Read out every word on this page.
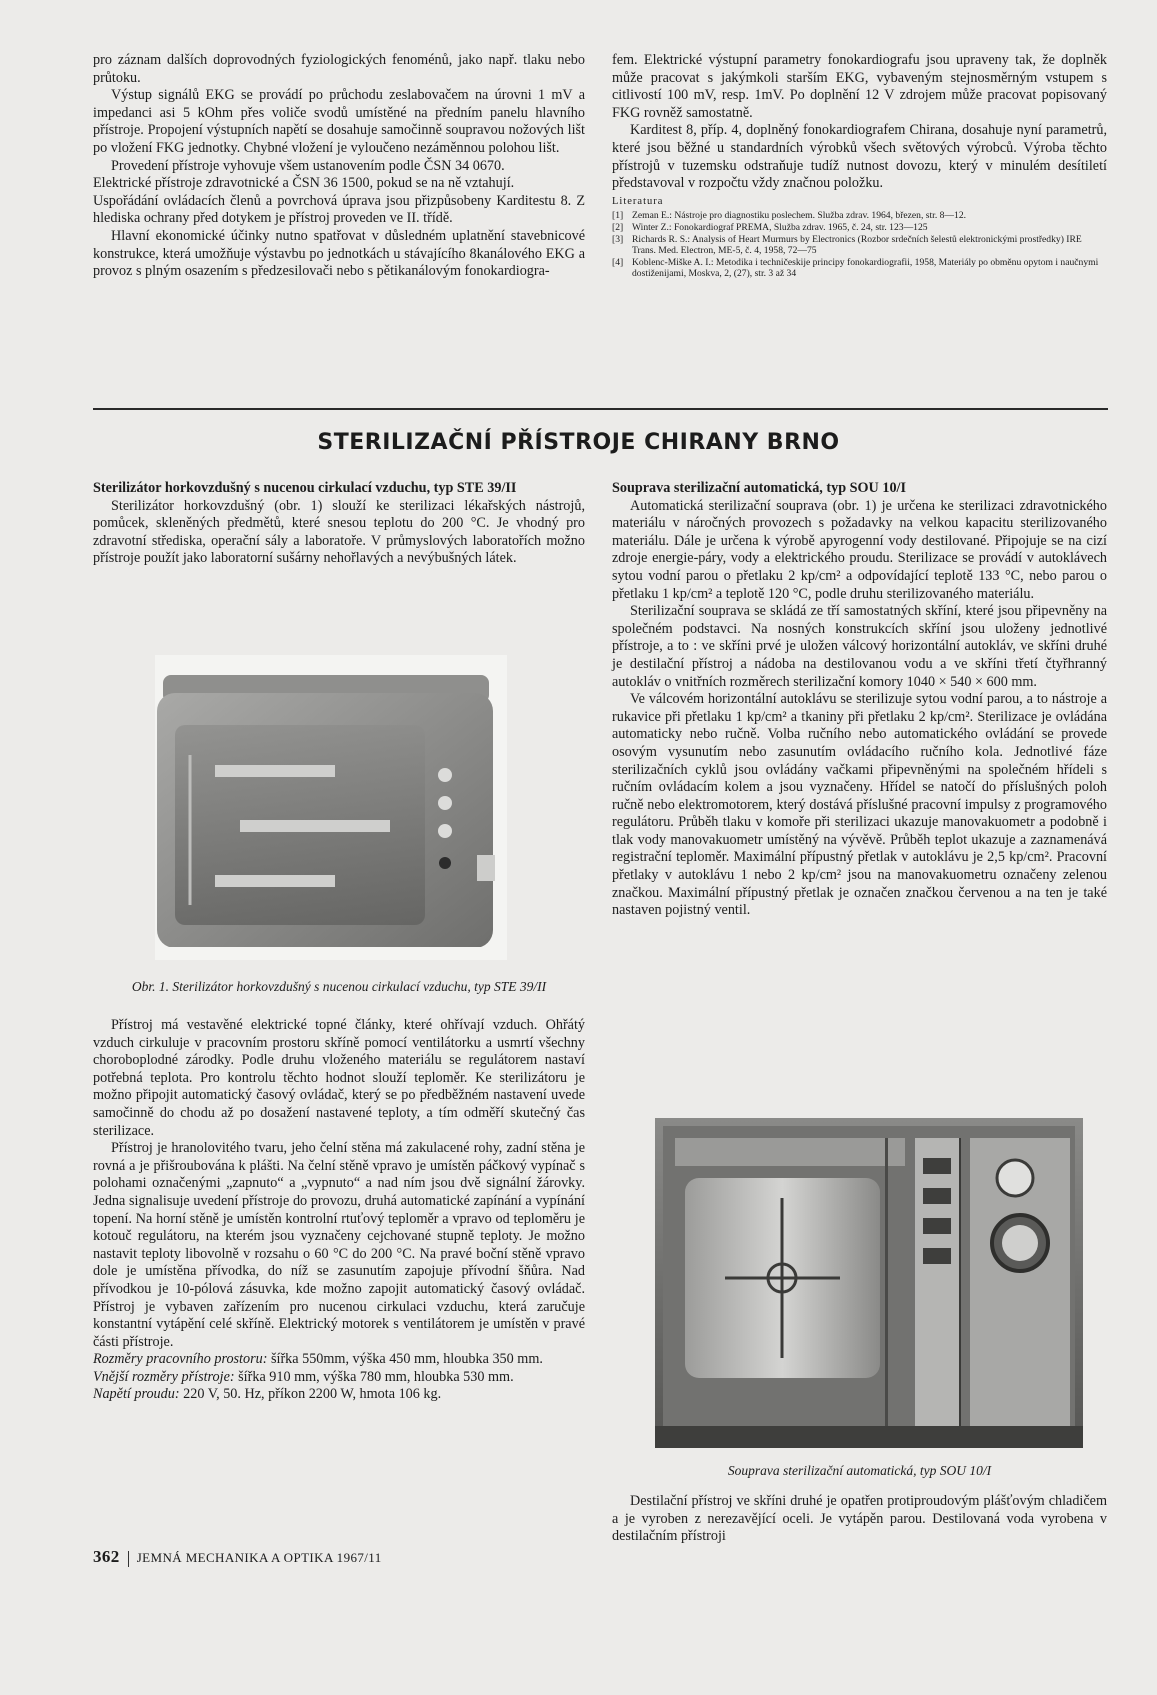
pro záznam dalších doprovodných fyziologických fenoménů, jako např. tlaku nebo průtoku.

Výstup signálů EKG se provádí po průchodu zeslabovačem na úrovni 1 mV a impedanci asi 5 kOhm přes voliče svodů umístěné na předním panelu hlavního přístroje. Propojení výstupních napětí se dosahuje samočinně soupravou nožových lišt po vložení FKG jednotky. Chybné vložení je vyloučeno nezáměnnou polohou lišt.

Provedení přístroje vyhovuje všem ustanovením podle ČSN 34 0670.

Elektrické přístroje zdravotnické a ČSN 36 1500, pokud se na ně vztahují.

Uspořádání ovládacích členů a povrchová úprava jsou přizpůsobeny Karditestu 8. Z hlediska ochrany před dotykem je přístroj proveden ve II. třídě.

Hlavní ekonomické účinky nutno spatřovat v důsledném uplatnění stavebnicové konstrukce, která umožňuje výstavbu po jednotkách u stávajícího 8kanálového EKG a provoz s plným osazením s předzesilovači nebo s pětikanálovým fonokardiogra-

fem. Elektrické výstupní parametry fonokardiografu jsou upraveny tak, že doplněk může pracovat s jakýmkoli starším EKG, vybaveným stejnosměrným vstupem s citlivostí 100 mV, resp. 1mV. Po doplnění 12 V zdrojem může pracovat popisovaný FKG rovněž samostatně.

Karditest 8, příp. 4, doplněný fonokardiografem Chirana, dosahuje nyní parametrů, které jsou běžné u standardních výrobků všech světových výrobců. Výroba těchto přístrojů v tuzemsku odstraňuje tudíž nutnost dovozu, který v minulém desítiletí představoval v rozpočtu vždy značnou položku.

Literatura

[1] Zeman E.: Nástroje pro diagnostiku poslechem. Služba zdrav. 1964, březen, str. 8—12.
[2] Winter Z.: Fonokardiograf PREMA, Služba zdrav. 1965, č. 24, str. 123—125
[3] Richards R. S.: Analysis of Heart Murmurs by Electronics (Rozbor srdečních šelestů elektronickými prostředky) IRE Trans. Med. Electron, ME-5, č. 4, 1958, 72—75
[4] Koblenc-Miške A. I.: Metodika i techničeskije principy fonokardiografii, 1958, Materiály po obměnu opytom i naučnymi dostiženijami, Moskva, 2, (27), str. 3 až 34
STERILIZAČNÍ PŘÍSTROJE CHIRANY BRNO

Sterilizátor horkovzdušný s nucenou cirkulací vzduchu, typ STE 39/II

Sterilizátor horkovzdušný (obr. 1) slouží ke sterilizaci lékařských nástrojů, pomůcek, skleněných předmětů, které snesou teplotu do 200 °C. Je vhodný pro zdravotní střediska, operační sály a laboratoře. V průmyslových laboratořích možno přístroje použít jako laboratorní sušárny nehořlavých a nevýbušných látek.

Obr. 1. Sterilizátor horkovzdušný s nucenou cirkulací vzduchu, typ STE 39/II

Přístroj má vestavěné elektrické topné články, které ohřívají vzduch. Ohřátý vzduch cirkuluje v pracovním prostoru skříně pomocí ventilátorku a usmrtí všechny choroboplodné zárodky. Podle druhu vloženého materiálu se regulátorem nastaví potřebná teplota. Pro kontrolu těchto hodnot slouží teploměr. Ke sterilizátoru je možno připojit automatický časový ovládač, který se po předběžném nastavení uvede samočinně do chodu až po dosažení nastavené teploty, a tím odměří skutečný čas sterilizace.

Přístroj je hranolovitého tvaru, jeho čelní stěna má zakulacené rohy, zadní stěna je rovná a je přišroubována k plášti. Na čelní stěně vpravo je umístěn páčkový vypínač s polohami označenými „zapnuto“ a „vypnuto“ a nad ním jsou dvě signální žárovky. Jedna signalisuje uvedení přístroje do provozu, druhá automatické zapínání a vypínání topení. Na horní stěně je umístěn kontrolní rtuťový teploměr a vpravo od teploměru je kotouč regulátoru, na kterém jsou vyznačeny cejchované stupně teploty. Je možno nastavit teploty libovolně v rozsahu o 60 °C do 200 °C. Na pravé boční stěně vpravo dole je umístěna přívodka, do níž se zasunutím zapojuje přívodní šňůra. Nad přívodkou je 10-pólová zásuvka, kde možno zapojit automatický časový ovládač. Přístroj je vybaven zařízením pro nucenou cirkulaci vzduchu, která zaručuje konstantní vytápění celé skříně. Elektrický motorek s ventilátorem je umístěn v pravé části přístroje.

Rozměry pracovního prostoru: šířka 550mm, výška 450 mm, hloubka 350 mm.

Vnější rozměry přístroje: šířka 910 mm, výška 780 mm, hloubka 530 mm.

Napětí proudu: 220 V, 50. Hz, příkon 2200 W, hmota 106 kg.

Souprava sterilizační automatická, typ SOU 10/I

Automatická sterilizační souprava (obr. 1) je určena ke sterilizaci zdravotnického materiálu v náročných provozech s požadavky na velkou kapacitu sterilizovaného materiálu. Dále je určena k výrobě apyrogenní vody destilované. Připojuje se na cizí zdroje energie-páry, vody a elektrického proudu. Sterilizace se provádí v autoklávech sytou vodní parou o přetlaku 2 kp/cm² a odpovídající teplotě 133 °C, nebo parou o přetlaku 1 kp/cm² a teplotě 120 °C, podle druhu sterilizovaného materiálu.

Sterilizační souprava se skládá ze tří samostatných skříní, které jsou připevněny na společném podstavci. Na nosných konstrukcích skříní jsou uloženy jednotlivé přístroje, a to : ve skříni prvé je uložen válcový horizontální autokláv, ve skříni druhé je destilační přístroj a nádoba na destilovanou vodu a ve skříni třetí čtyřhranný autokláv o vnitřních rozměrech sterilizační komory 1040 × 540 × 600 mm.

Ve válcovém horizontální autoklávu se sterilizuje sytou vodní parou, a to nástroje a rukavice při přetlaku 1 kp/cm² a tkaniny při přetlaku 2 kp/cm². Sterilizace je ovládána automaticky nebo ručně. Volba ručního nebo automatického ovládání se provede osovým vysunutím nebo zasunutím ovládacího ručního kola. Jednotlivé fáze sterilizačních cyklů jsou ovládány vačkami připevněnými na společném hřídeli s ručním ovládacím kolem a jsou vyznačeny. Hřídel se natočí do příslušných poloh ručně nebo elektromotorem, který dostává příslušné pracovní impulsy z programového regulátoru. Průběh tlaku v komoře při sterilizaci ukazuje manovakuometr a podobně i tlak vody manovakuometr umístěný na vývěvě. Průběh teplot ukazuje a zaznamenává registrační teploměr. Maximální přípustný přetlak v autoklávu je 2,5 kp/cm². Pracovní přetlaky v autoklávu 1 nebo 2 kp/cm² jsou na manovakuometru označeny zelenou značkou. Maximální přípustný přetlak je označen značkou červenou a na ten je také nastaven pojistný ventil.

Souprava sterilizační automatická, typ SOU 10/I

Destilační přístroj ve skříni druhé je opatřen protiproudovým plášťovým chladičem a je vyroben z nerezavějící oceli. Je vytápěn parou. Destilovaná voda vyrobena v destilačním přístroji

362 JEMNÁ MECHANIKA A OPTIKA 1967/11
